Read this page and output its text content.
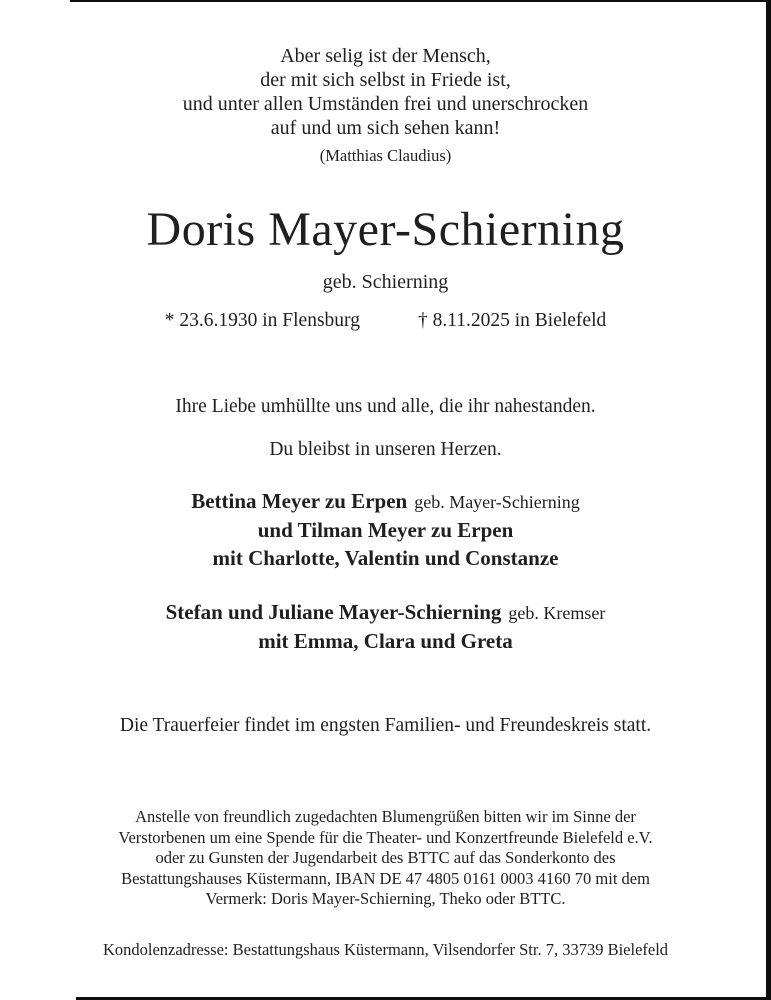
Aber selig ist der Mensch,
der mit sich selbst in Friede ist,
und unter allen Umständen frei und unerschrocken
auf und um sich sehen kann!
(Matthias Claudius)
Doris Mayer-Schierning
geb. Schierning
* 23.6.1930 in Flensburg	† 8.11.2025 in Bielefeld
Ihre Liebe umhüllte uns und alle, die ihr nahestanden.
Du bleibst in unseren Herzen.
Bettina Meyer zu Erpen geb. Mayer-Schierning
und Tilman Meyer zu Erpen
mit Charlotte, Valentin und Constanze
Stefan und Juliane Mayer-Schierning geb. Kremser
mit Emma, Clara und Greta
Die Trauerfeier findet im engsten Familien- und Freundeskreis statt.
Anstelle von freundlich zugedachten Blumengrüßen bitten wir im Sinne der
Verstorbenen um eine Spende für die Theater- und Konzertfreunde Bielefeld e.V.
oder zu Gunsten der Jugendarbeit des BTTC auf das Sonderkonto des
Bestattungshauses Küstermann, IBAN DE 47 4805 0161 0003 4160 70 mit dem
Vermerk: Doris Mayer-Schierning, Theko oder BTTC.
Kondolenzadresse: Bestattungshaus Küstermann, Vilsendorfer Str. 7, 33739 Bielefeld
